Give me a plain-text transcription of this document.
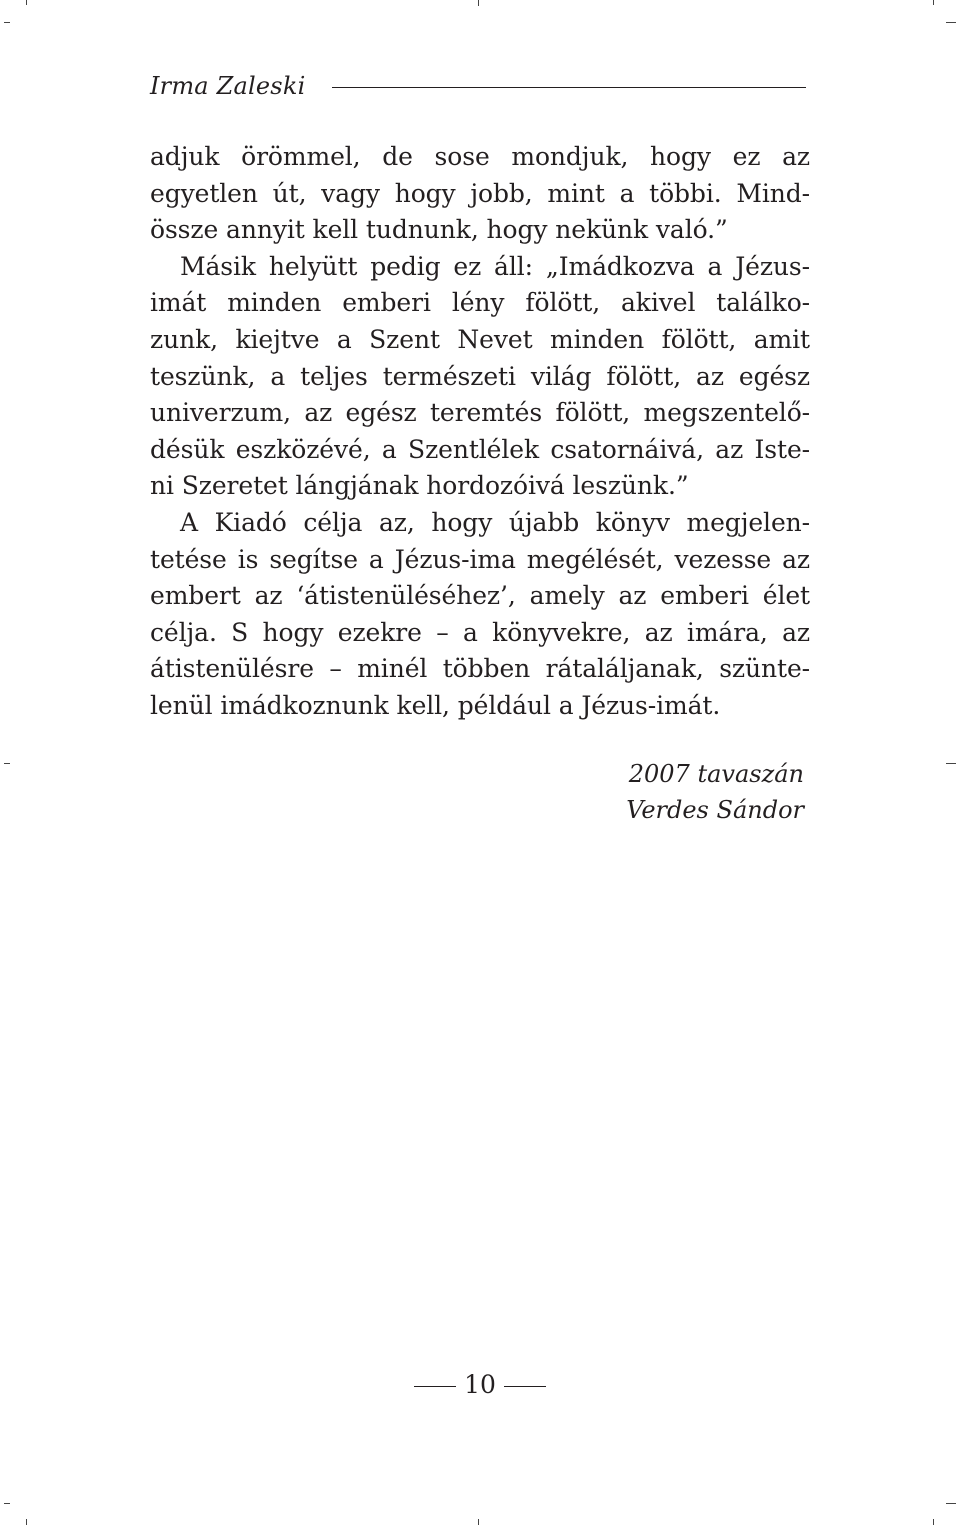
Irma Zaleski
adjuk örömmel, de sose mondjuk, hogy ez az
egyetlen út, vagy hogy jobb, mint a többi. Mind-
össze annyit kell tudnunk, hogy nekünk való.”
Másik helyütt pedig ez áll: „Imádkozva a Jézus-
imát minden emberi lény fölött, akivel találko-
zunk, kiejtve a Szent Nevet minden fölött, amit
teszünk, a teljes természeti világ fölött, az egész
univerzum, az egész teremtés fölött, megszentelő-
désük eszközévé, a Szentlélek csatornáivá, az Iste-
ni Szeretet lángjának hordozóivá leszünk.”
A Kiadó célja az, hogy újabb könyv megjelen-
tetése is segítse a Jézus-ima megélését, vezesse az
embert az ‘átistenüléséhez’, amely az emberi élet
célja. S hogy ezekre – a könyvekre, az imára, az
átistenülésre – minél többen rátaláljanak, szünte-
lenül imádkoznunk kell, például a Jézus-imát.
2007 tavaszán
Verdes Sándor
10
